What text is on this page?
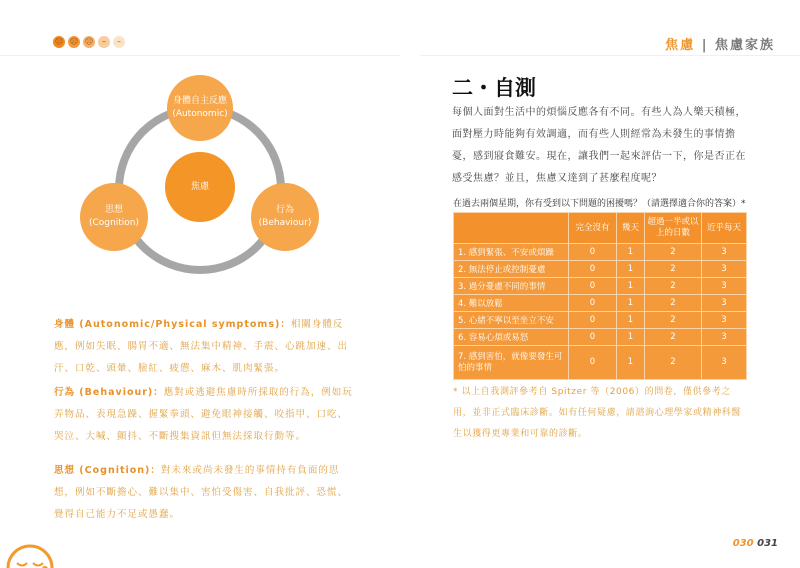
☹ ☹ ☹	–	–	焦慮 | 焦慮家族
身體自主反應
(Autonomic)
焦慮
思想
(Cognition)
行為
(Behaviour)
身體 (Autonomic/Physical symptoms)：相關身體反應，例如失眠、腸胃不適、無法集中精神、手震、心跳加速、出汗、口乾、頭暈、臉紅、疲憊、麻木、肌肉緊張。
行為 (Behaviour)：應對或逃避焦慮時所採取的行為，例如玩弄物品、表現急躁、握緊拳頭、避免眼神接觸、咬指甲、口吃、哭泣、大喊、顫抖、不斷搜集資訊但無法採取行動等。
思想 (Cognition)：對未來或尚未發生的事情持有負面的思想，例如不斷擔心、難以集中、害怕受傷害、自我批評、恐慌、覺得自己能力不足或愚蠢。
二・自測
每個人面對生活中的煩惱反應各有不同。有些人為人樂天積極，面對壓力時能夠有效調適，而有些人則經常為未發生的事情擔憂，感到寢食難安。現在，讓我們一起來評估一下，你是否正在感受焦慮？並且，焦慮又達到了甚麼程度呢？
在過去兩個星期，你有受到以下問題的困擾嗎？（請選擇適合你的答案）*
	完全沒有	幾天	超過一半或以上的日數	近乎每天
1. 感到緊張、不安或煩躁	0	1	2	3
2. 無法停止或控制憂慮	0	1	2	3
3. 過分憂慮不同的事情	0	1	2	3
4. 難以放鬆	0	1	2	3
5. 心緒不寧以至坐立不安	0	1	2	3
6. 容易心煩或易怒	0	1	2	3
7. 感到害怕，就像要發生可怕的事情	0	1	2	3
* 以上自我測評參考自 Spitzer 等（2006）的問卷，僅供參考之用，並非正式臨床診斷。如有任何疑慮，請諮詢心理學家或精神科醫生以獲得更專業和可靠的診斷。
030 031
